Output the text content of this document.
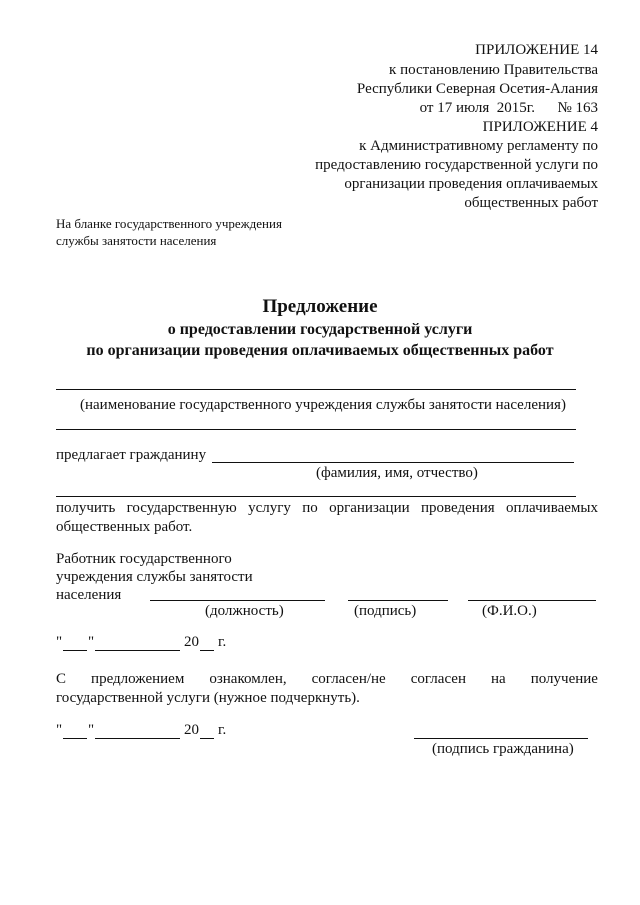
ПРИЛОЖЕНИЕ 14
к постановлению Правительства
Республики Северная Осетия-Алания
от 17 июля  2015г.      № 163
ПРИЛОЖЕНИЕ 4
к Административному регламенту по
предоставлению государственной услуги по
организации проведения оплачиваемых
общественных работ
На бланке государственного учреждения
службы занятости населения
Предложение
о предоставлении государственной услуги
по организации проведения оплачиваемых общественных работ
(наименование государственного учреждения службы занятости населения)
предлагает гражданину
(фамилия, имя, отчество)
получить государственную услугу по организации проведения оплачиваемых
общественных работ.
Работник государственного
учреждения службы занятости
населения
(должность)	(подпись)	(Ф.И.О.)
" "	20 г.
С предложением ознакомлен, согласен/не согласен на получение
государственной услуги (нужное подчеркнуть).
" "	20 г.
(подпись гражданина)
